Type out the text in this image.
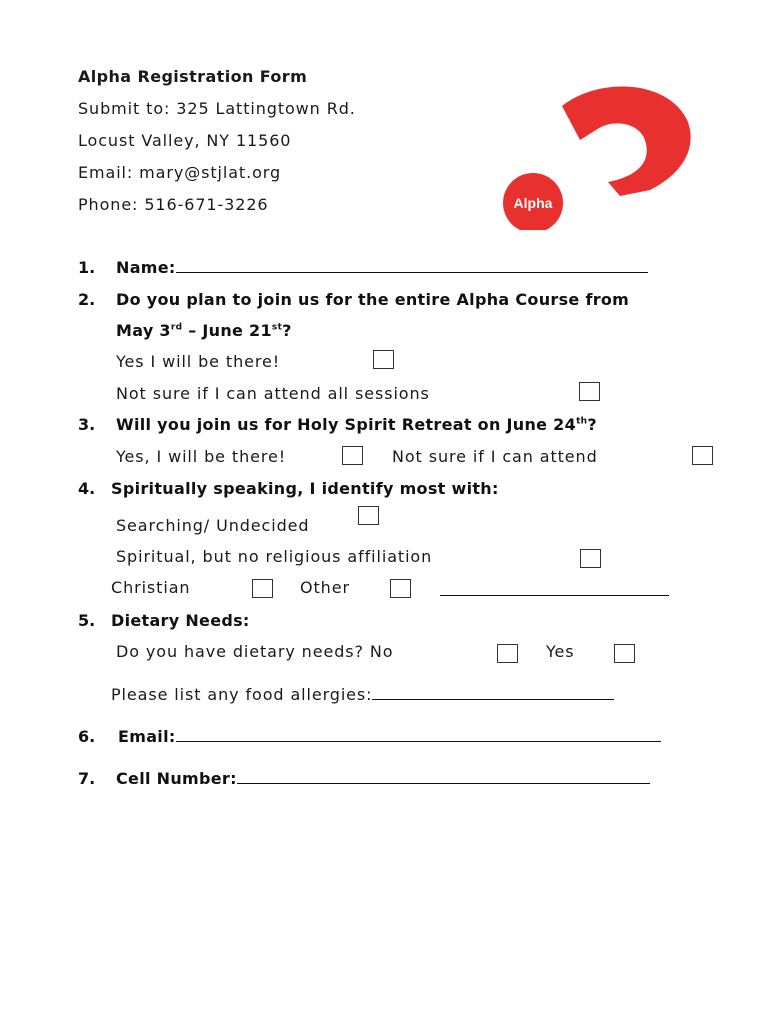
Alpha Registration Form
Submit to: 325 Lattingtown Rd.
Locust Valley, NY 11560
Email: mary@stjlat.org
Phone: 516-671-3226	Alpha
1. Name:
2. Do you plan to join us for the entire Alpha Course from
May 3rd – June 21st?
Yes I will be there!
Not sure if I can attend all sessions
3. Will you join us for Holy Spirit Retreat on June 24th?
Yes, I will be there!	Not sure if I can attend
4. Spiritually speaking, I identify most with:
Searching/ Undecided
Spiritual, but no religious affiliation
Christian	Other
5. Dietary Needs:
Do you have dietary needs? No	Yes
Please list any food allergies:
6. Email:
7. Cell Number:
